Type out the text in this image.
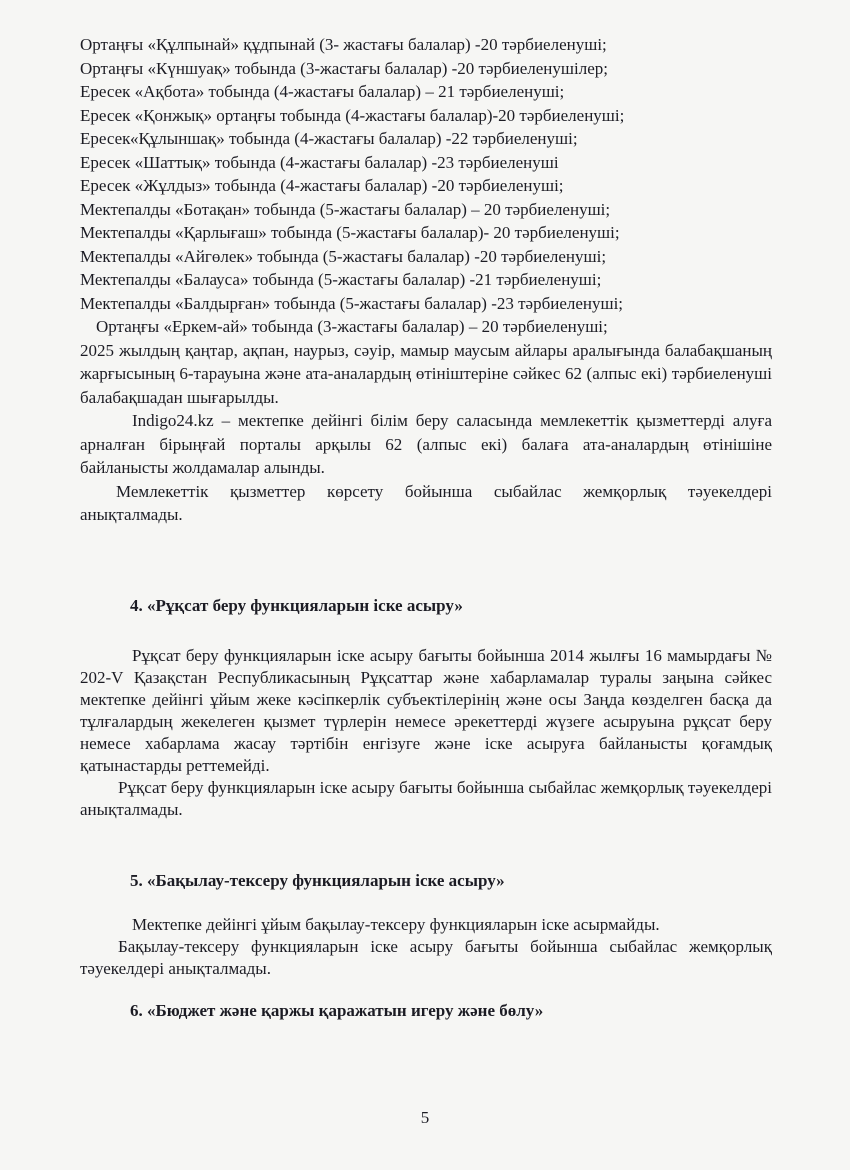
Ортаңғы «Құлпынай» құдпынай (3- жастағы балалар) -20 тәрбиеленуші;

Ортаңғы «Күншуақ» тобында (3-жастағы балалар) -20 тәрбиеленушілер;

Ересек «Ақбота» тобында (4-жастағы балалар) – 21 тәрбиеленуші;

Ересек «Қонжық» ортаңғы тобында (4-жастағы балалар)-20 тәрбиеленуші;

Ересек«Құлыншақ» тобында (4-жастағы балалар) -22 тәрбиеленуші;

Ересек «Шаттық» тобында (4-жастағы балалар) -23 тәрбиеленуші

Ересек «Жұлдыз» тобында (4-жастағы балалар) -20 тәрбиеленуші;

Мектепалды «Ботақан» тобында (5-жастағы балалар) – 20 тәрбиеленуші;

Мектепалды «Қарлығаш» тобында (5-жастағы балалар)- 20 тәрбиеленуші;

Мектепалды «Айгөлек» тобында (5-жастағы балалар) -20 тәрбиеленуші;

Мектепалды «Балауса» тобында (5-жастағы балалар) -21 тәрбиеленуші;

Мектепалды «Балдырған» тобында (5-жастағы балалар) -23 тәрбиеленуші;

Ортаңғы «Еркем-ай» тобында (3-жастағы балалар) – 20 тәрбиеленуші;

2025 жылдың қаңтар, ақпан, наурыз, сәуір, мамыр маусым айлары аралығында балабақшаның жарғысының 6-тарауына және ата-аналардың өтініштеріне сәйкес 62 (алпыс екі) тәрбиеленуші балабақшадан шығарылды.

Indigo24.kz – мектепке дейінгі білім беру саласында мемлекеттік қызметтерді алуға арналған бірыңғай порталы арқылы 62 (алпыс екі) балаға ата-аналардың өтінішіне байланысты жолдамалар алынды.

Мемлекеттік қызметтер көрсету бойынша сыбайлас жемқорлық тәуекелдері анықталмады.

4. «Рұқсат беру функцияларын іске асыру»

Рұқсат беру функцияларын іске асыру бағыты бойынша 2014 жылғы 16 мамырдағы № 202-V Қазақстан Республикасының Рұқсаттар және хабарламалар туралы заңына сәйкес мектепке дейінгі ұйым жеке кәсіпкерлік субъектілерінің және осы Заңда көзделген басқа да тұлғалардың жекелеген қызмет түрлерін немесе әрекеттерді жүзеге асыруына рұқсат беру немесе хабарлама жасау тәртібін енгізуге және іске асыруға байланысты қоғамдық қатынастарды реттемейді.

Рұқсат беру функцияларын іске асыру бағыты бойынша сыбайлас жемқорлық тәуекелдері анықталмады.

5. «Бақылау-тексеру функцияларын іске асыру»

Мектепке дейінгі ұйым бақылау-тексеру функцияларын іске асырмайды.

Бақылау-тексеру функцияларын іске асыру бағыты бойынша сыбайлас жемқорлық тәуекелдері анықталмады.

6. «Бюджет және қаржы қаражатын игеру және бөлу»

5
